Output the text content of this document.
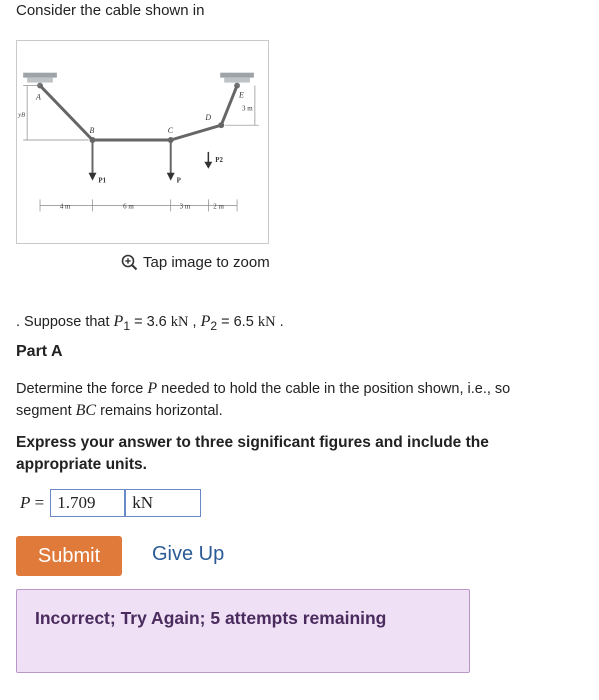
Consider the cable shown in
A
B	C
D
E
yB
3 m
P1	P
P2
4 m	6 m	3 m	2 m
Tap image to zoom
. Suppose that $P_1 = 3.6$ kN , $P_2 = 6.5$ kN .
Part A
Determine the force P needed to hold the cable in the position shown, i.e., so
segment BC remains horizontal.
Express your answer to three significant figures and include the appropriate units.
P = 1.709	kN
Submit	Give Up
Incorrect; Try Again; 5 attempts remaining
